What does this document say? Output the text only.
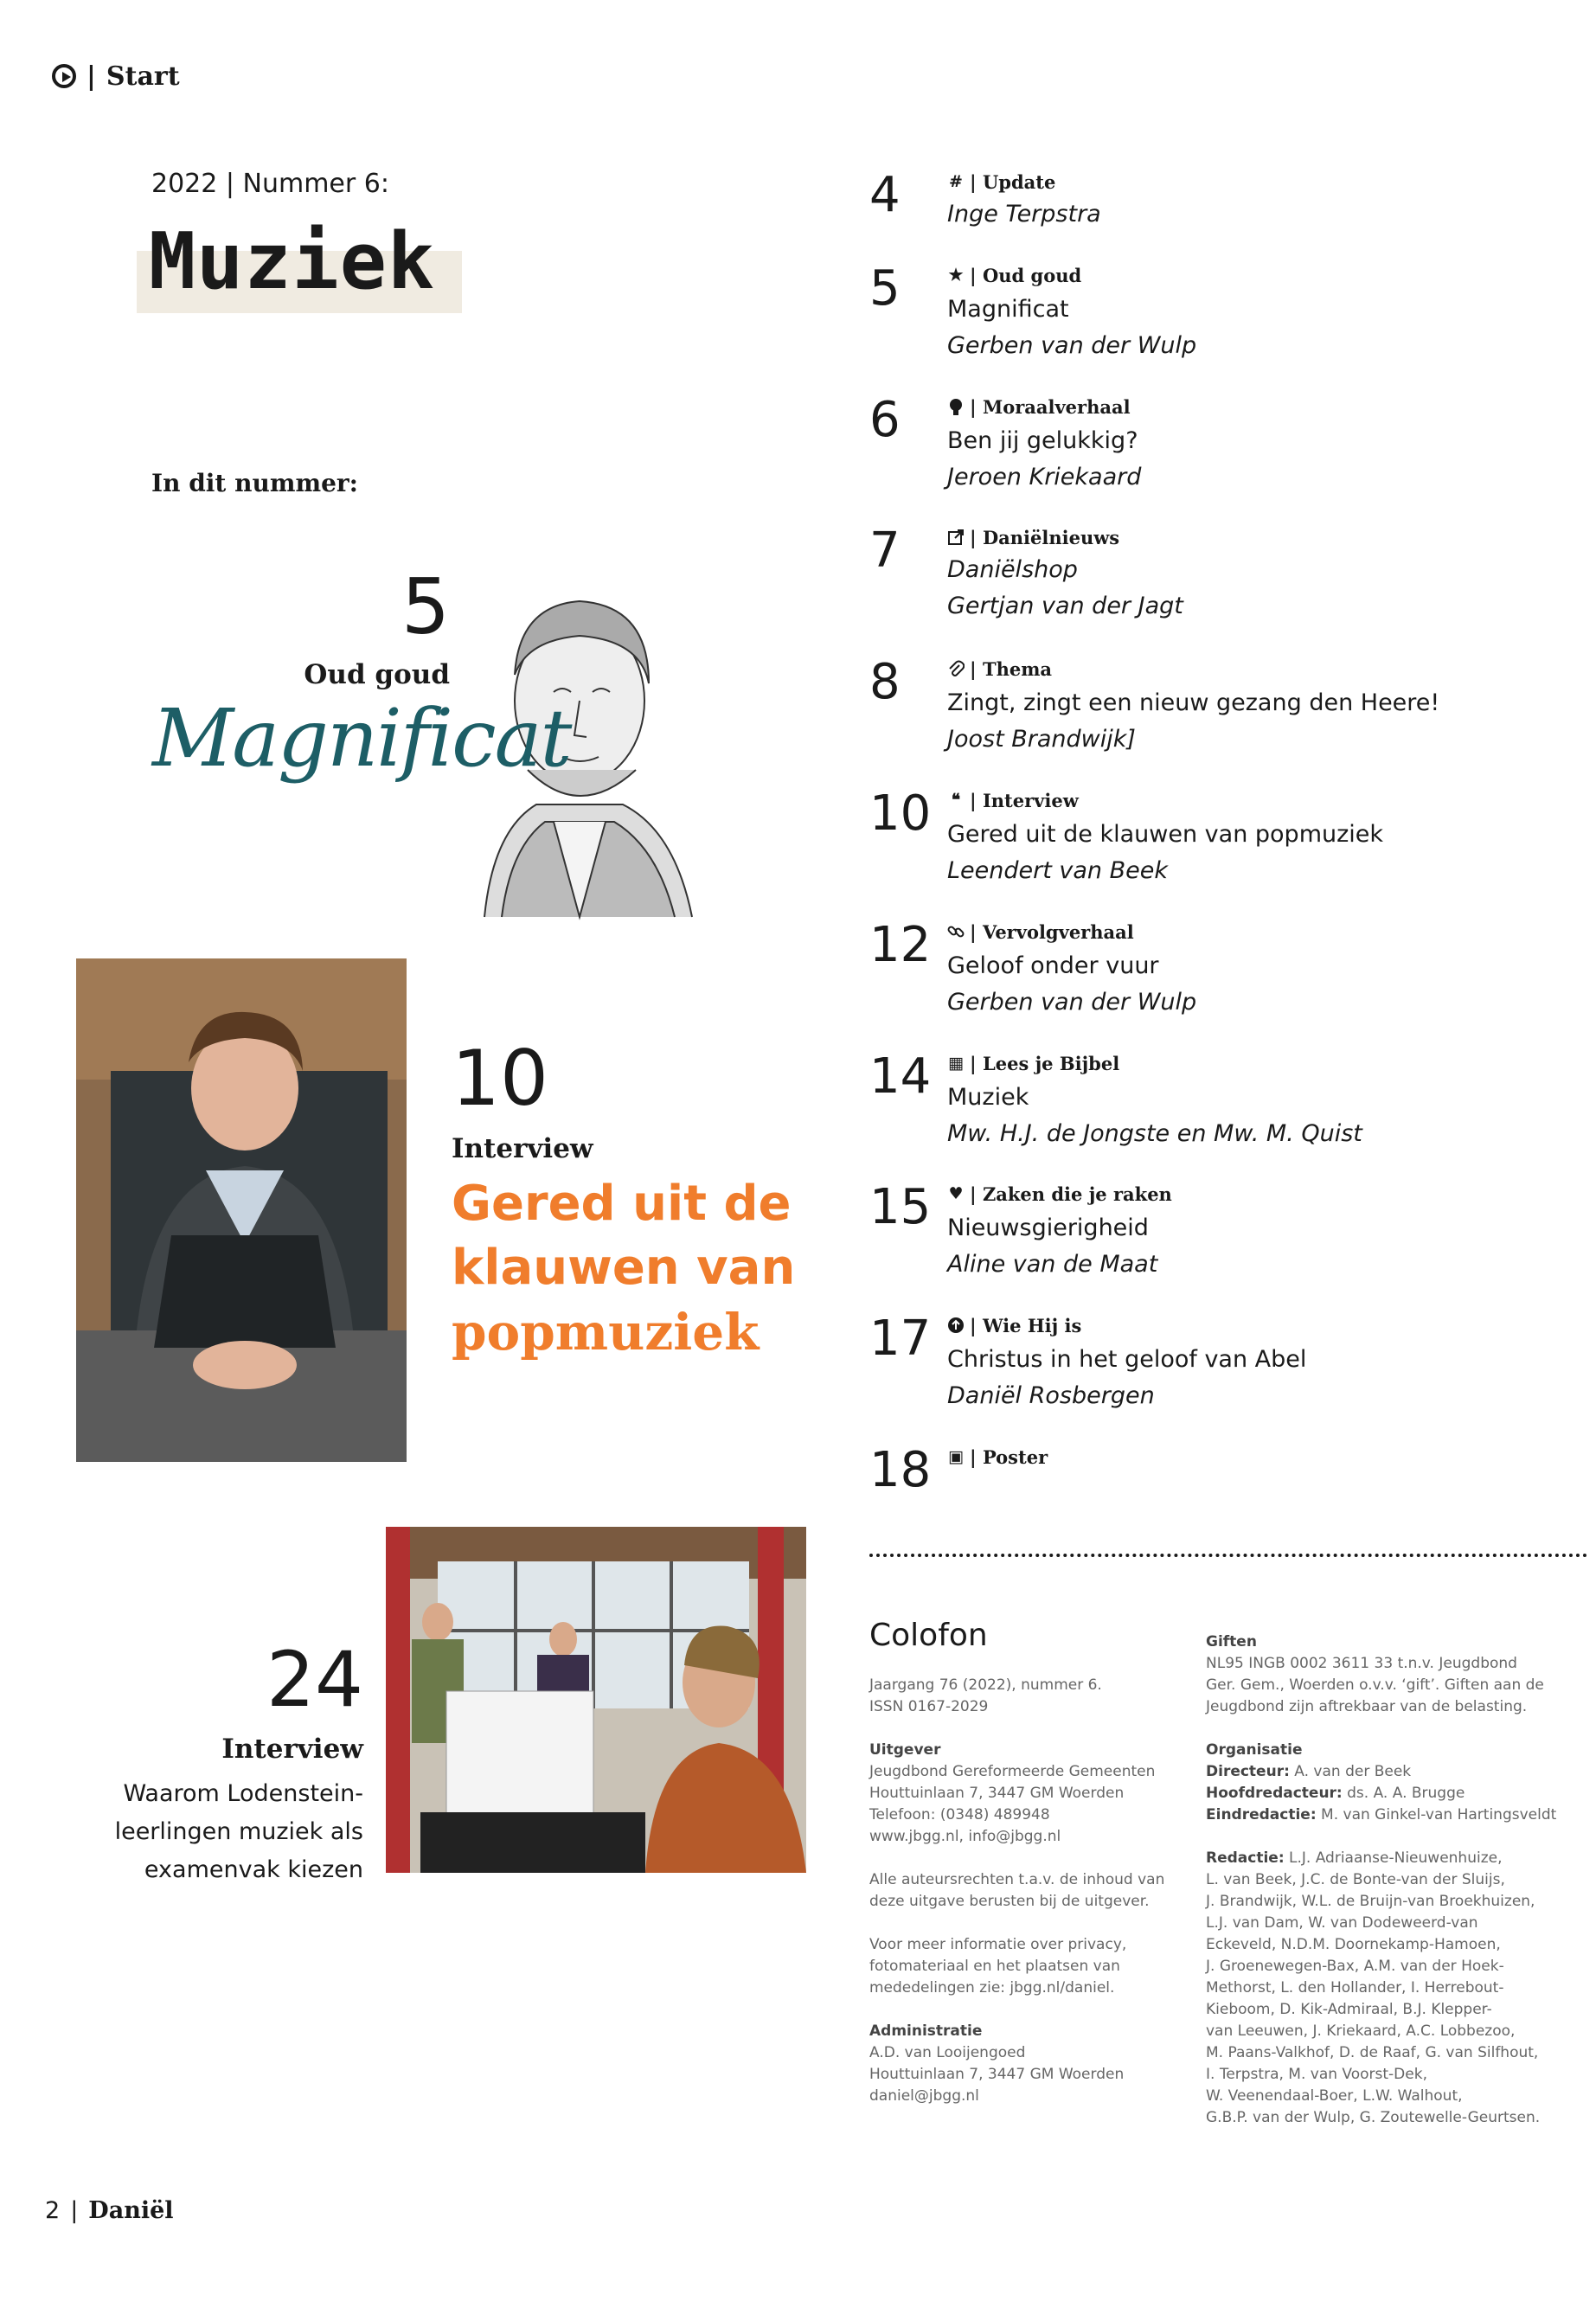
| Start
2022 | Nummer 6:
Muziek
In dit nummer:
5
Oud goud
Magnificat
10
Interview
Gered uit de
klauwen van
popmuziek
24
Interview
Waarom Lodenstein-
leerlingen muziek als
examenvak kiezen
4	# | Update
Inge Terpstra
5	★ | Oud goud
Magnificat
Gerben van der Wulp
6	| Moraalverhaal
Ben jij gelukkig?
Jeroen Kriekaard
7	| Daniëlnieuws
Daniëlshop
Gertjan van der Jagt
8	| Thema
Zingt, zingt een nieuw gezang den Heere!
Joost Brandwijk]
10 ❝ | Interview
Gered uit de klauwen van popmuziek
Leendert van Beek
12 | Vervolgverhaal
Geloof onder vuur
Gerben van der Wulp
14 ▦ | Lees je Bijbel
Muziek
Mw. H.J. de Jongste en Mw. M. Quist
15 ♥ | Zaken die je raken
Nieuwsgierigheid
Aline van de Maat
17 | Wie Hij is
Christus in het geloof van Abel
Daniël Rosbergen
18 ▣ | Poster
Colofon
Jaargang 76 (2022), nummer 6.
ISSN 0167-2029
Uitgever
Jeugdbond Gereformeerde Gemeenten
Houttuinlaan 7, 3447 GM Woerden
Telefoon: (0348) 489948
www.jbgg.nl, info@jbgg.nl
Alle auteursrechten t.a.v. de inhoud van
deze uitgave berusten bij de uitgever.
Voor meer informatie over privacy,
fotomateriaal en het plaatsen van
mededelingen zie: jbgg.nl/daniel.
Administratie
A.D. van Looijengoed
Houttuinlaan 7, 3447 GM Woerden
daniel@jbgg.nl
Giften
NL95 INGB 0002 3611 33 t.n.v. Jeugdbond
Ger. Gem., Woerden o.v.v. ‘gift’. Giften aan de
Jeugdbond zijn aftrekbaar van de belasting.
Organisatie
Directeur: A. van der Beek
Hoofdredacteur: ds. A. A. Brugge
Eindredactie: M. van Ginkel-van Hartingsveldt
Redactie: L.J. Adriaanse-Nieuwenhuize,
L. van Beek, J.C. de Bonte-van der Sluijs,
J. Brandwijk, W.L. de Bruijn-van Broekhuizen,
L.J. van Dam, W. van Dodeweerd-van
Eckeveld, N.D.M. Doornekamp-Hamoen,
J. Groenewegen-Bax, A.M. van der Hoek-
Methorst, L. den Hollander, I. Herrebout-
Kieboom, D. Kik-Admiraal, B.J. Klepper-
van Leeuwen, J. Kriekaard, A.C. Lobbezoo,
M. Paans-Valkhof, D. de Raaf, G. van Silfhout,
I. Terpstra, M. van Voorst-Dek,
W. Veenendaal-Boer, L.W. Walhout,
G.B.P. van der Wulp, G. Zoutewelle-Geurtsen.
2 | Daniël
